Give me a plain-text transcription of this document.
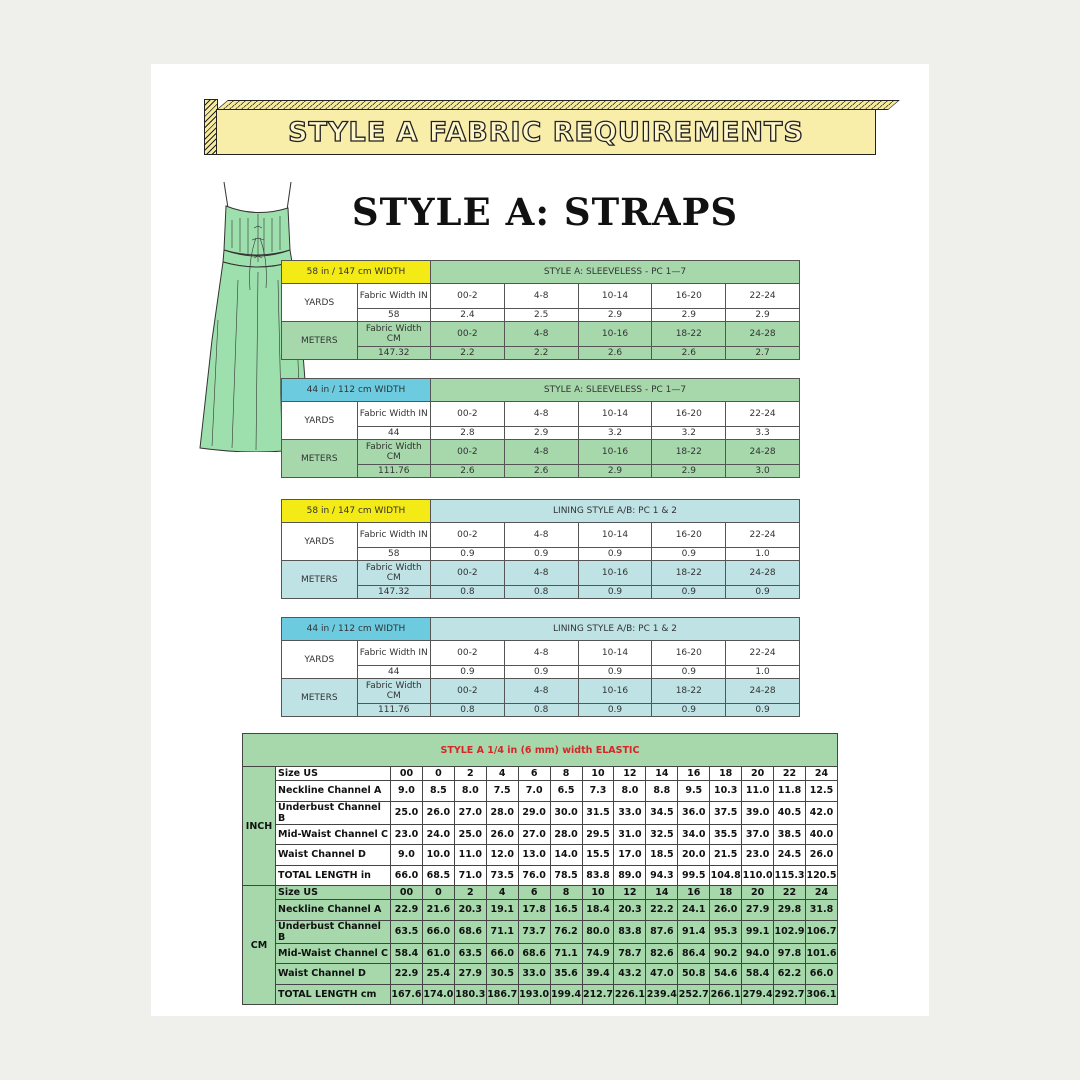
STYLE A FABRIC REQUIREMENTS
STYLE A: STRAPS
58 in / 147 cm WIDTH		STYLE A: SLEEVELESS - PC 1—7				
YARDS	Fabric Width IN	00-2	4-8	10-14	16-20	22-24
	58	2.4	2.5	2.9	2.9	2.9
METERS	Fabric Width CM	00-2	4-8	10-16	18-22	24-28
	147.32	2.2	2.2	2.6	2.6	2.7
44 in / 112 cm WIDTH		STYLE A: SLEEVELESS - PC 1—7				
YARDS	Fabric Width IN	00-2	4-8	10-14	16-20	22-24
	44	2.8	2.9	3.2	3.2	3.3
METERS	Fabric Width CM	00-2	4-8	10-16	18-22	24-28
	111.76	2.6	2.6	2.9	2.9	3.0
58 in / 147 cm WIDTH		LINING STYLE A/B: PC 1 & 2				
YARDS	Fabric Width IN	00-2	4-8	10-14	16-20	22-24
	58	0.9	0.9	0.9	0.9	1.0
METERS	Fabric Width CM	00-2	4-8	10-16	18-22	24-28
	147.32	0.8	0.8	0.9	0.9	0.9
44 in / 112 cm WIDTH		LINING STYLE A/B: PC 1 & 2				
YARDS	Fabric Width IN	00-2	4-8	10-14	16-20	22-24
	44	0.9	0.9	0.9	0.9	1.0
METERS	Fabric Width CM	00-2	4-8	10-16	18-22	24-28
	111.76	0.8	0.8	0.9	0.9	0.9
STYLE A 1/4 in (6 mm) width ELASTIC															
INCH	Size US	00	0	2	4	6	8	10	12	14	16	18	20	22	24
	Neckline Channel A	9.0	8.5	8.0	7.5	7.0	6.5	7.3	8.0	8.8	9.5	10.3	11.0	11.8	12.5
	Underbust Channel B	25.0	26.0	27.0	28.0	29.0	30.0	31.5	33.0	34.5	36.0	37.5	39.0	40.5	42.0
	Mid-Waist Channel C	23.0	24.0	25.0	26.0	27.0	28.0	29.5	31.0	32.5	34.0	35.5	37.0	38.5	40.0
	Waist Channel D	9.0	10.0	11.0	12.0	13.0	14.0	15.5	17.0	18.5	20.0	21.5	23.0	24.5	26.0
	TOTAL LENGTH in	66.0	68.5	71.0	73.5	76.0	78.5	83.8	89.0	94.3	99.5	104.8	110.0	115.3	120.5
CM	Size US	00	0	2	4	6	8	10	12	14	16	18	20	22	24
	Neckline Channel A	22.9	21.6	20.3	19.1	17.8	16.5	18.4	20.3	22.2	24.1	26.0	27.9	29.8	31.8
	Underbust Channel B	63.5	66.0	68.6	71.1	73.7	76.2	80.0	83.8	87.6	91.4	95.3	99.1	102.9	106.7
	Mid-Waist Channel C	58.4	61.0	63.5	66.0	68.6	71.1	74.9	78.7	82.6	86.4	90.2	94.0	97.8	101.6
	Waist Channel D	22.9	25.4	27.9	30.5	33.0	35.6	39.4	43.2	47.0	50.8	54.6	58.4	62.2	66.0
	TOTAL LENGTH cm	167.6	174.0	180.3	186.7	193.0	199.4	212.7	226.1	239.4	252.7	266.1	279.4	292.7	306.1
